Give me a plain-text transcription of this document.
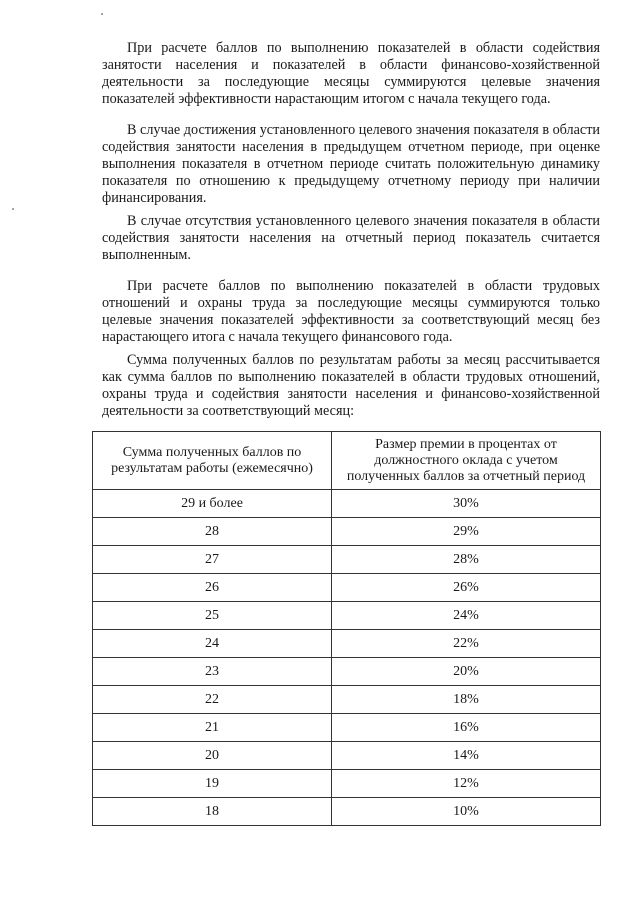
При расчете баллов по выполнению показателей в области содействия занятости населения и показателей в области финансово-хозяйственной деятельности за последующие месяцы суммируются целевые значения показателей эффективности нарастающим итогом с начала текущего года.

В случае достижения установленного целевого значения показателя в области содействия занятости населения в предыдущем отчетном периоде, при оценке выполнения показателя в отчетном периоде считать положительную динамику показателя по отношению к предыдущему отчетному периоду при наличии финансирования.

В случае отсутствия установленного целевого значения показателя в области содействия занятости населения на отчетный период показатель считается выполненным.

При расчете баллов по выполнению показателей в области трудовых отношений и охраны труда за последующие месяцы суммируются только целевые значения показателей эффективности за соответствующий месяц без нарастающего итога с начала текущего финансового года.

Сумма полученных баллов по результатам работы за месяц рассчитывается как сумма баллов по выполнению показателей в области трудовых отношений, охраны труда и содействия занятости населения и финансово-хозяйственной деятельности за соответствующий месяц:

Сумма полученных баллов по результатам работы (ежемесячно)	Размер премии в процентах от должностного оклада с учетом полученных баллов за отчетный период
29 и более	30%
28	29%
27	28%
26	26%
25	24%
24	22%
23	20%
22	18%
21	16%
20	14%
19	12%
18	10%
